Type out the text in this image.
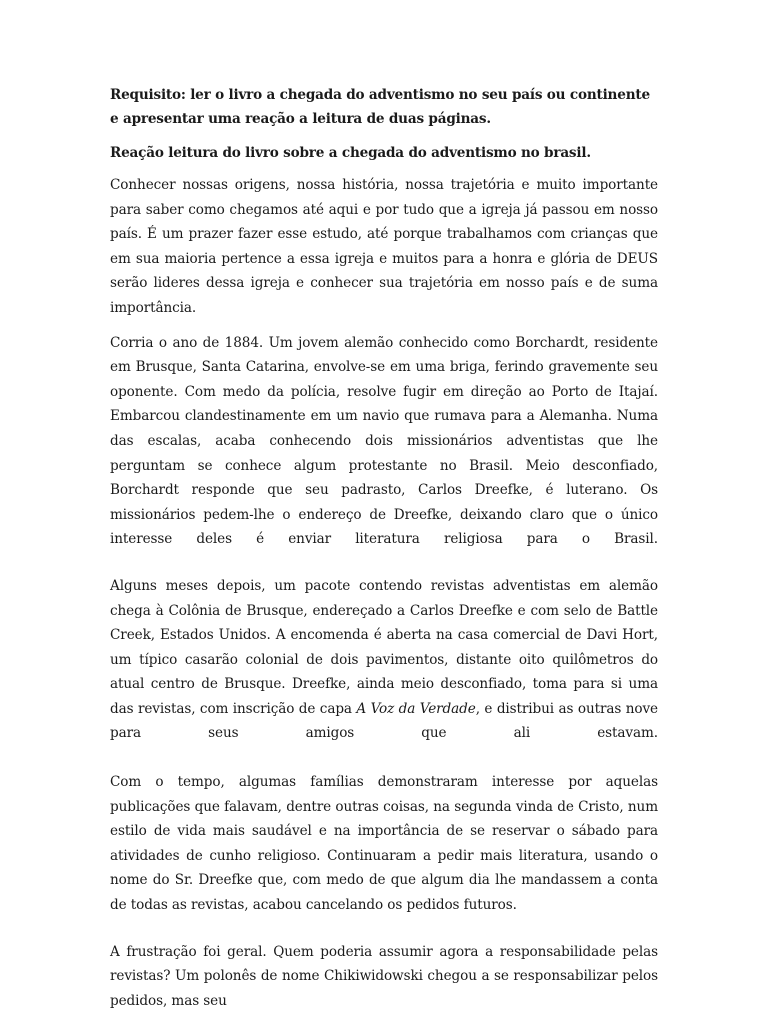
Requisito: ler o livro a chegada do adventismo no seu país ou continente e apresentar uma reação a leitura de duas páginas.

Reação leitura do livro sobre a chegada do adventismo no brasil.

Conhecer nossas origens, nossa história, nossa trajetória e muito importante para saber como chegamos até aqui e por tudo que a igreja já passou em nosso país. É um prazer fazer esse estudo, até porque trabalhamos com crianças que em sua maioria pertence a essa igreja e muitos para a honra e glória de DEUS serão lideres dessa igreja e conhecer sua trajetória em nosso país e de suma importância.

Corria o ano de 1884. Um jovem alemão conhecido como Borchardt, residente em Brusque, Santa Catarina, envolve-se em uma briga, ferindo gravemente seu oponente. Com medo da polícia, resolve fugir em direção ao Porto de Itajaí. Embarcou clandestinamente em um navio que rumava para a Alemanha. Numa das escalas, acaba conhecendo dois missionários adventistas que lhe perguntam se conhece algum protestante no Brasil. Meio desconfiado, Borchardt responde que seu padrasto, Carlos Dreefke, é luterano. Os missionários pedem-lhe o endereço de Dreefke, deixando claro que o único interesse deles é enviar literatura religiosa para o Brasil.

Alguns meses depois, um pacote contendo revistas adventistas em alemão chega à Colônia de Brusque, endereçado a Carlos Dreefke e com selo de Battle Creek, Estados Unidos. A encomenda é aberta na casa comercial de Davi Hort, um típico casarão colonial de dois pavimentos, distante oito quilômetros do atual centro de Brusque. Dreefke, ainda meio desconfiado, toma para si uma das revistas, com inscrição de capa A Voz da Verdade, e distribui as outras nove para seus amigos que ali estavam.

Com o tempo, algumas famílias demonstraram interesse por aquelas publicações que falavam, dentre outras coisas, na segunda vinda de Cristo, num estilo de vida mais saudável e na importância de se reservar o sábado para atividades de cunho religioso. Continuaram a pedir mais literatura, usando o nome do Sr. Dreefke que, com medo de que algum dia lhe mandassem a conta de todas as revistas, acabou cancelando os pedidos futuros.

A frustração foi geral. Quem poderia assumir agora a responsabilidade pelas revistas? Um polonês de nome Chikiwidowski chegou a se responsabilizar pelos pedidos, mas seu
